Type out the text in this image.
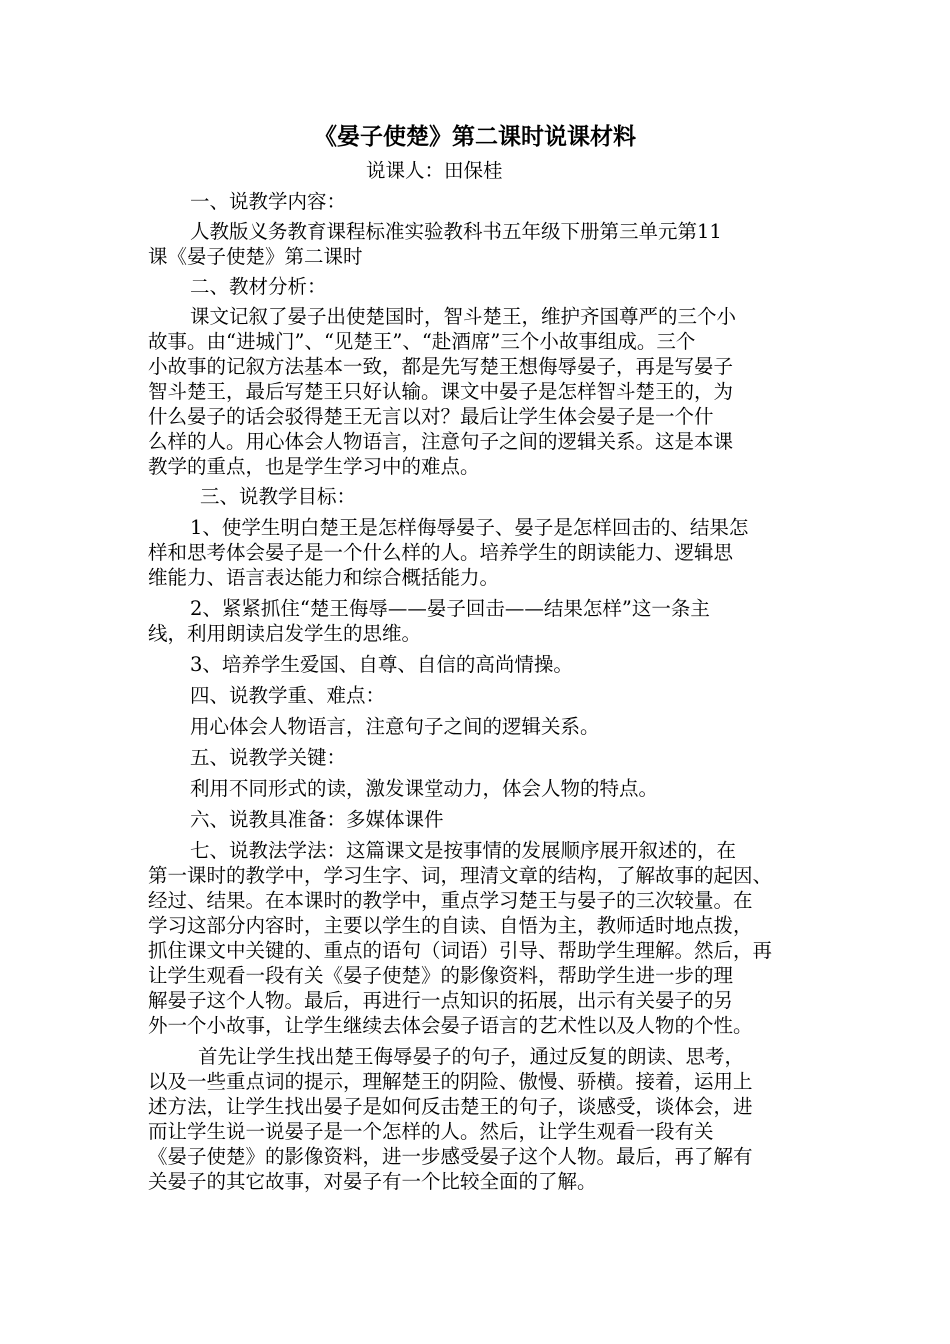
《晏子使楚》第二课时说课材料
说课人：田保桂
一、说教学内容：
人教版义务教育课程标准实验教科书五年级下册第三单元第11
课《晏子使楚》第二课时
二、教材分析：
课文记叙了晏子出使楚国时，智斗楚王，维护齐国尊严的三个小
故事。由“进城门”、“见楚王”、“赴酒席”三个小故事组成。三个
小故事的记叙方法基本一致，都是先写楚王想侮辱晏子，再是写晏子
智斗楚王，最后写楚王只好认输。课文中晏子是怎样智斗楚王的，为
什么晏子的话会驳得楚王无言以对？最后让学生体会晏子是一个什
么样的人。用心体会人物语言，注意句子之间的逻辑关系。这是本课
教学的重点，也是学生学习中的难点。
三、说教学目标：
1、使学生明白楚王是怎样侮辱晏子、晏子是怎样回击的、结果怎
样和思考体会晏子是一个什么样的人。培养学生的朗读能力、逻辑思
维能力、语言表达能力和综合概括能力。
2、紧紧抓住“楚王侮辱——晏子回击——结果怎样”这一条主
线，利用朗读启发学生的思维。
3、培养学生爱国、自尊、自信的高尚情操。
四、说教学重、难点：
用心体会人物语言，注意句子之间的逻辑关系。
五、说教学关键：
利用不同形式的读，激发课堂动力，体会人物的特点。
六、说教具准备：多媒体课件
七、说教法学法：这篇课文是按事情的发展顺序展开叙述的，在
第一课时的教学中，学习生字、词，理清文章的结构，了解故事的起因、
经过、结果。在本课时的教学中，重点学习楚王与晏子的三次较量。在
学习这部分内容时，主要以学生的自读、自悟为主，教师适时地点拨，
抓住课文中关键的、重点的语句（词语）引导、帮助学生理解。然后，再
让学生观看一段有关《晏子使楚》的影像资料，帮助学生进一步的理
解晏子这个人物。最后，再进行一点知识的拓展，出示有关晏子的另
外一个小故事，让学生继续去体会晏子语言的艺术性以及人物的个性。
首先让学生找出楚王侮辱晏子的句子，通过反复的朗读、思考，
以及一些重点词的提示，理解楚王的阴险、傲慢、骄横。接着，运用上
述方法，让学生找出晏子是如何反击楚王的句子，谈感受，谈体会，进
而让学生说一说晏子是一个怎样的人。然后，让学生观看一段有关
《晏子使楚》的影像资料，进一步感受晏子这个人物。最后，再了解有
关晏子的其它故事，对晏子有一个比较全面的了解。
